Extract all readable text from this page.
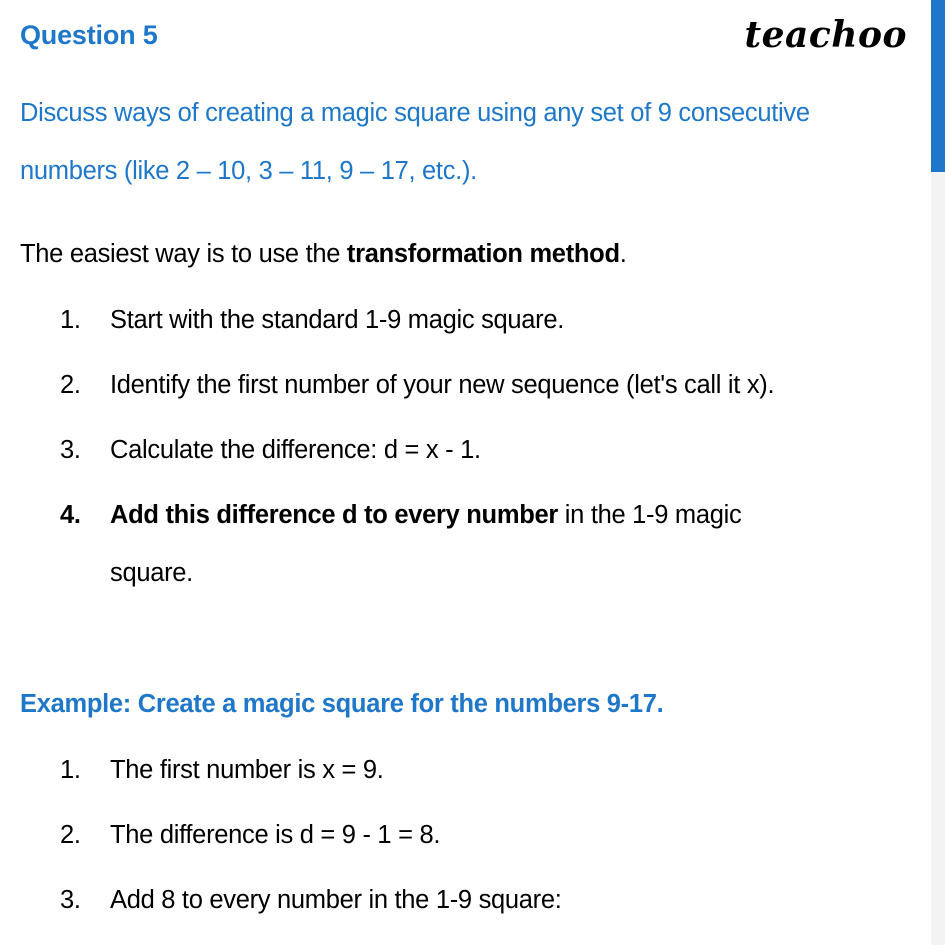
Question 5	teachoo
Discuss ways of creating a magic square using any set of 9 consecutive
numbers (like 2 – 10, 3 – 11, 9 – 17, etc.).
The easiest way is to use the transformation method.
1. Start with the standard 1-9 magic square.
2. Identify the first number of your new sequence (let's call it x).
3. Calculate the difference: d = x - 1.
4. Add this difference d to every number in the 1-9 magic
square.
Example: Create a magic square for the numbers 9-17.
1. The first number is x = 9.
2. The difference is d = 9 - 1 = 8.
3. Add 8 to every number in the 1-9 square:
